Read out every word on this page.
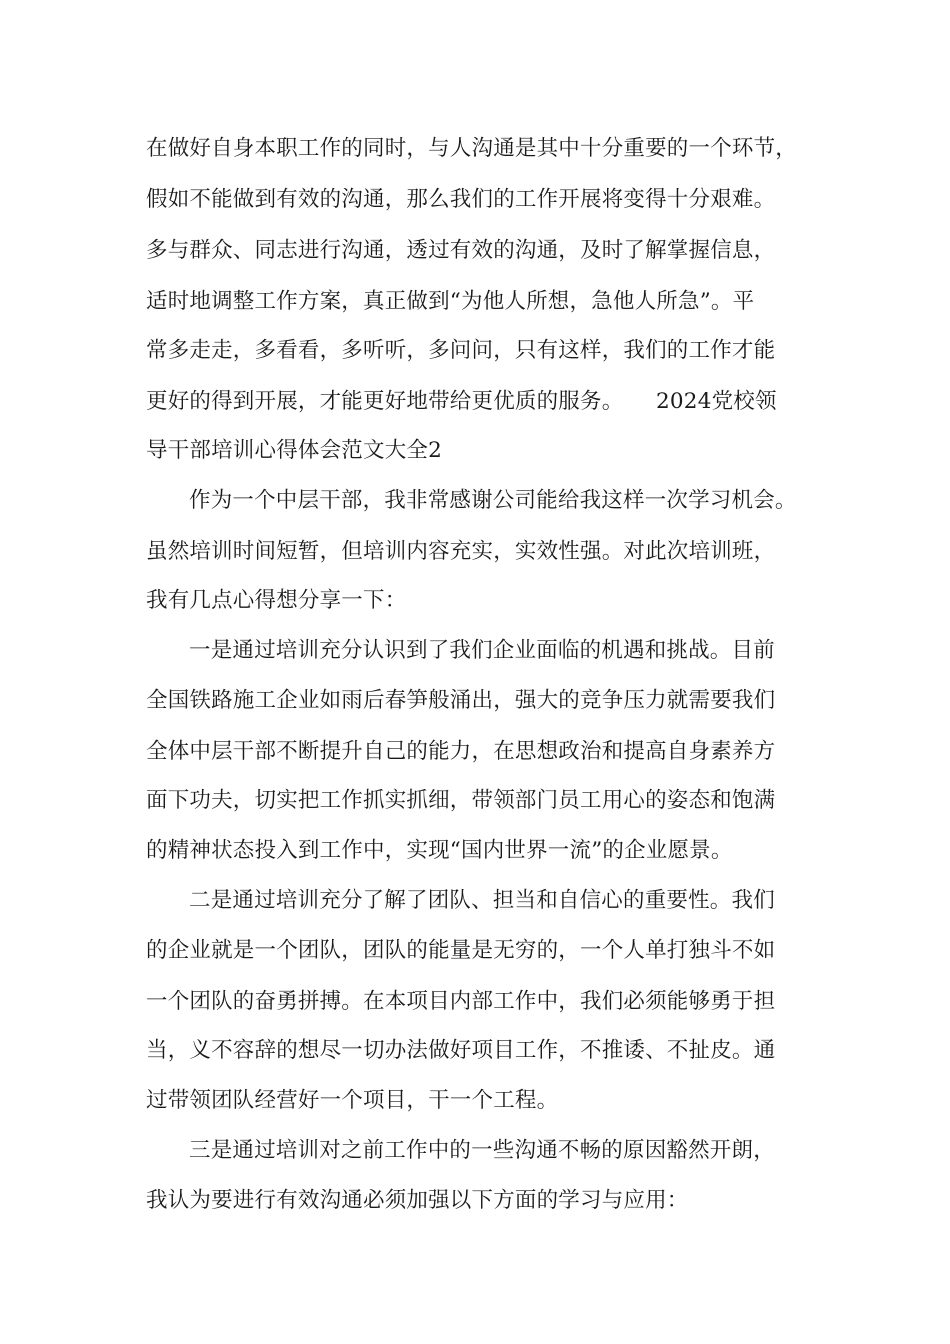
在做好自身本职工作的同时，与人沟通是其中十分重要的一个环节，
假如不能做到有效的沟通，那么我们的工作开展将变得十分艰难。
多与群众、同志进行沟通，透过有效的沟通，及时了解掌握信息，
适时地调整工作方案，真正做到“为他人所想，急他人所急”。平
常多走走，多看看，多听听，多问问，只有这样，我们的工作才能
更好的得到开展，才能更好地带给更优质的服务。　　2024党校领
导干部培训心得体会范文大全2
作为一个中层干部，我非常感谢公司能给我这样一次学习机会。
虽然培训时间短暂，但培训内容充实，实效性强。对此次培训班，
我有几点心得想分享一下：
一是通过培训充分认识到了我们企业面临的机遇和挑战。目前
全国铁路施工企业如雨后春笋般涌出，强大的竞争压力就需要我们
全体中层干部不断提升自己的能力，在思想政治和提高自身素养方
面下功夫，切实把工作抓实抓细，带领部门员工用心的姿态和饱满
的精神状态投入到工作中，实现“国内世界一流”的企业愿景。
二是通过培训充分了解了团队、担当和自信心的重要性。我们
的企业就是一个团队，团队的能量是无穷的，一个人单打独斗不如
一个团队的奋勇拼搏。在本项目内部工作中，我们必须能够勇于担
当，义不容辞的想尽一切办法做好项目工作，不推诿、不扯皮。通
过带领团队经营好一个项目，干一个工程。
三是通过培训对之前工作中的一些沟通不畅的原因豁然开朗，
我认为要进行有效沟通必须加强以下方面的学习与应用：
